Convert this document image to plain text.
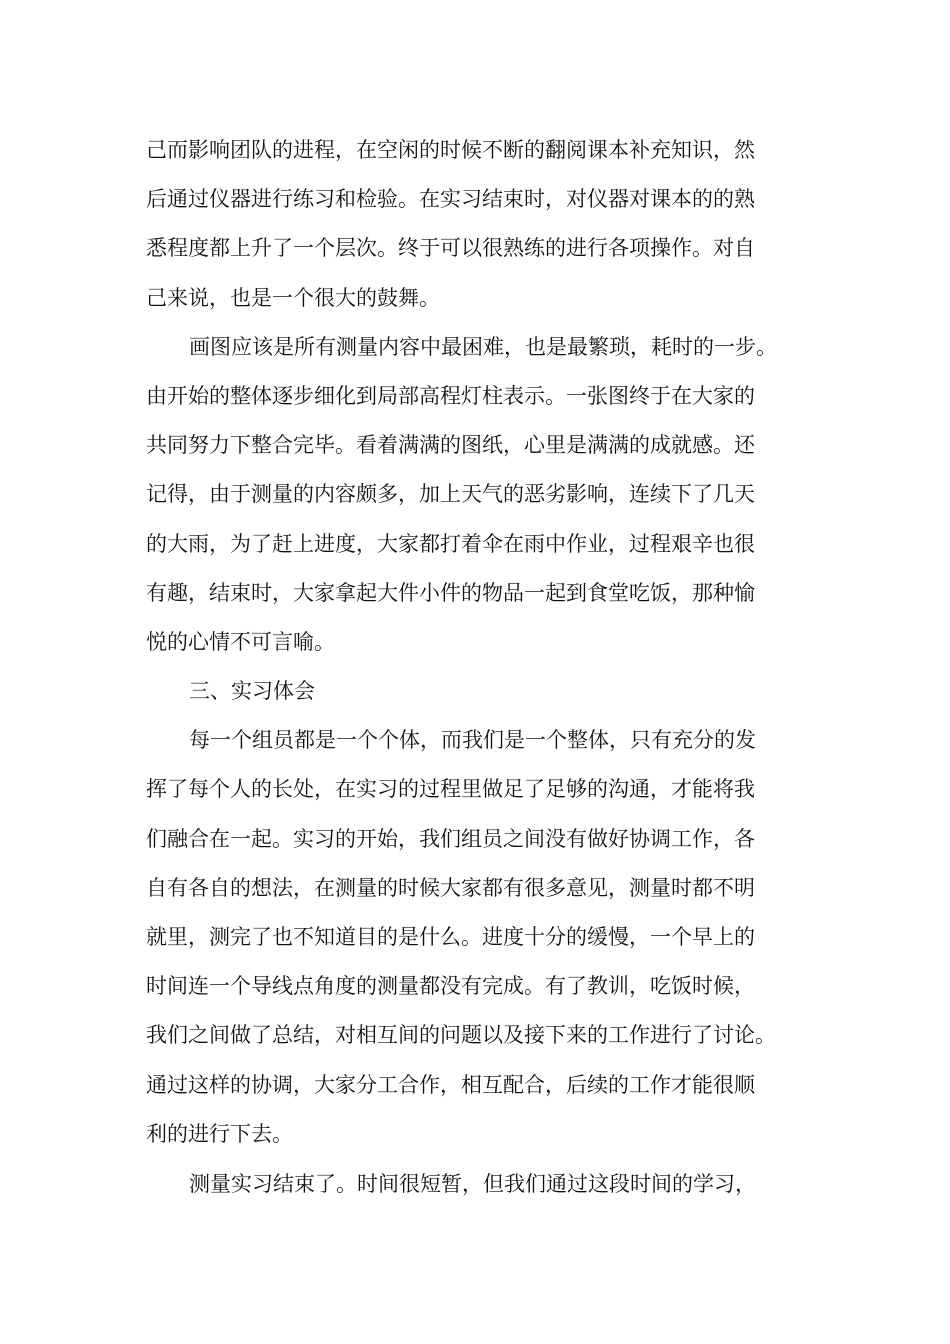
己而影响团队的进程，在空闲的时候不断的翻阅课本补充知识，然
后通过仪器进行练习和检验。在实习结束时，对仪器对课本的的熟
悉程度都上升了一个层次。终于可以很熟练的进行各项操作。对自
己来说，也是一个很大的鼓舞。
画图应该是所有测量内容中最困难，也是最繁琐，耗时的一步。
由开始的整体逐步细化到局部高程灯柱表示。一张图终于在大家的
共同努力下整合完毕。看着满满的图纸，心里是满满的成就感。还
记得，由于测量的内容颇多，加上天气的恶劣影响，连续下了几天
的大雨，为了赶上进度，大家都打着伞在雨中作业，过程艰辛也很
有趣，结束时，大家拿起大件小件的物品一起到食堂吃饭，那种愉
悦的心情不可言喻。
三、实习体会
每一个组员都是一个个体，而我们是一个整体，只有充分的发
挥了每个人的长处，在实习的过程里做足了足够的沟通，才能将我
们融合在一起。实习的开始，我们组员之间没有做好协调工作，各
自有各自的想法，在测量的时候大家都有很多意见，测量时都不明
就里，测完了也不知道目的是什么。进度十分的缓慢，一个早上的
时间连一个导线点角度的测量都没有完成。有了教训，吃饭时候，
我们之间做了总结，对相互间的问题以及接下来的工作进行了讨论。
通过这样的协调，大家分工合作，相互配合，后续的工作才能很顺
利的进行下去。
测量实习结束了。时间很短暂，但我们通过这段时间的学习，
